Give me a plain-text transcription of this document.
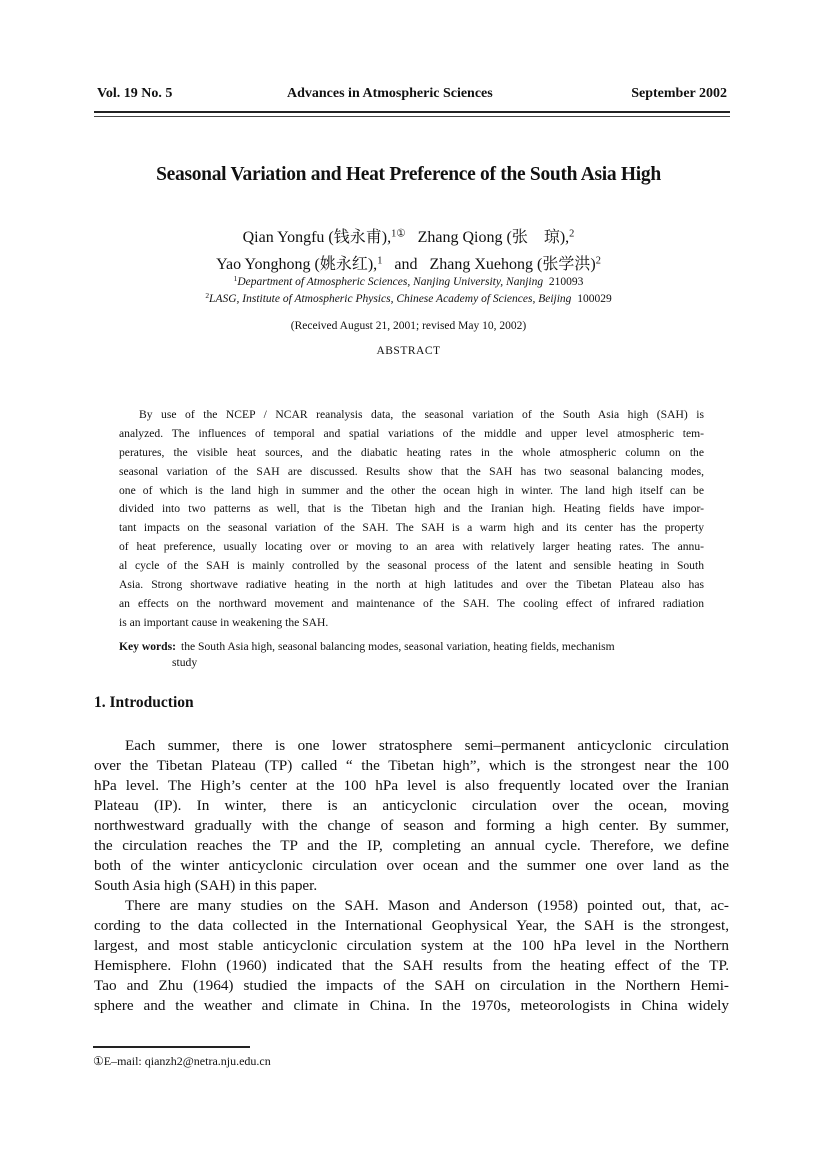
Vol. 19 No. 5	Advances in Atmospheric Sciences	September 2002
Seasonal Variation and Heat Preference of the South Asia High
Qian Yongfu (钱永甫),$^{1①}$ Zhang Qiong (张　琼),$^2$
Yao Yonghong (姚永红),$^1$ and Zhang Xuehong (张学洪)$^2$
$^1$Department of Atmospheric Sciences, Nanjing University, Nanjing 210093
$^2$LASG, Institute of Atmospheric Physics, Chinese Academy of Sciences, Beijing 100029
(Received August 21, 2001; revised May 10, 2002)
ABSTRACT
By use of the NCEP / NCAR reanalysis data, the seasonal variation of the South Asia high (SAH) is
analyzed. The influences of temporal and spatial variations of the middle and upper level atmospheric tem-
peratures, the visible heat sources, and the diabatic heating rates in the whole atmospheric column on the
seasonal variation of the SAH are discussed. Results show that the SAH has two seasonal balancing modes,
one of which is the land high in summer and the other the ocean high in winter. The land high itself can be
divided into two patterns as well, that is the Tibetan high and the Iranian high. Heating fields have impor-
tant impacts on the seasonal variation of the SAH. The SAH is a warm high and its center has the property
of heat preference, usually locating over or moving to an area with relatively larger heating rates. The annu-
al cycle of the SAH is mainly controlled by the seasonal process of the latent and sensible heating in South
Asia. Strong shortwave radiative heating in the north at high latitudes and over the Tibetan Plateau also has
an effects on the northward movement and maintenance of the SAH. The cooling effect of infrared radiation
is an important cause in weakening the SAH.
Key words: the South Asia high, seasonal balancing modes, seasonal variation, heating fields, mechanism
study
1. Introduction
Each summer, there is one lower stratosphere semi–permanent anticyclonic circulation
over the Tibetan Plateau (TP) called “ the Tibetan high”, which is the strongest near the 100
hPa level. The High’s center at the 100 hPa level is also frequently located over the Iranian
Plateau (IP). In winter, there is an anticyclonic circulation over the ocean, moving
northwestward gradually with the change of season and forming a high center. By summer,
the circulation reaches the TP and the IP, completing an annual cycle. Therefore, we define
both of the winter anticyclonic circulation over ocean and the summer one over land as the
South Asia high (SAH) in this paper.
There are many studies on the SAH. Mason and Anderson (1958) pointed out, that, ac-
cording to the data collected in the International Geophysical Year, the SAH is the strongest,
largest, and most stable anticyclonic circulation system at the 100 hPa level in the Northern
Hemisphere. Flohn (1960) indicated that the SAH results from the heating effect of the TP.
Tao and Zhu (1964) studied the impacts of the SAH on circulation in the Northern Hemi-
sphere and the weather and climate in China. In the 1970s, meteorologists in China widely
①E–mail: qianzh2@netra.nju.edu.cn
